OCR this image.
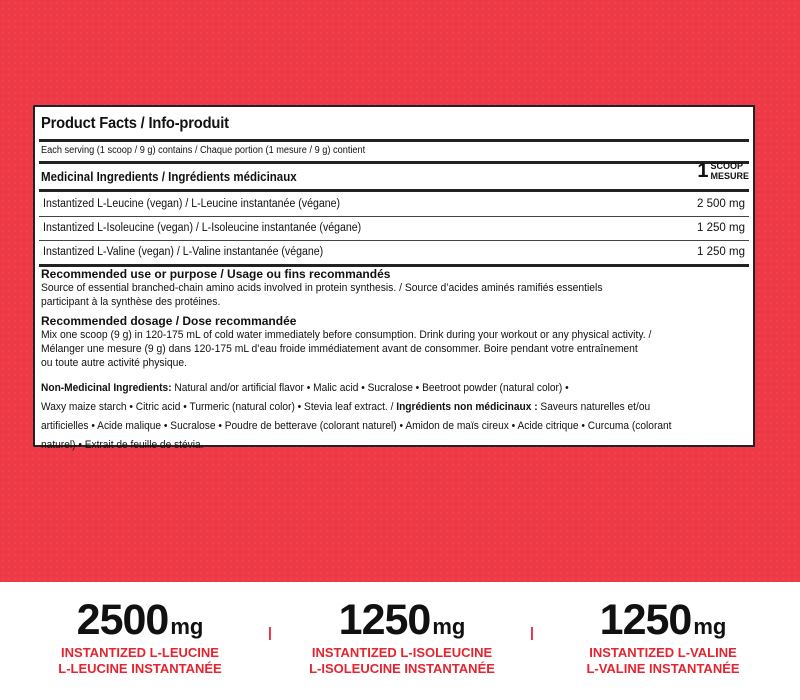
Product Facts / Info-produit
Each serving (1 scoop / 9 g) contains / Chaque portion (1 mesure / 9 g) contient
Medicinal Ingredients / Ingrédients médicinaux	1 SCOOP
MESURE
Instantized L-Leucine (vegan) / L-Leucine instantanée (végane)	2 500 mg
Instantized L-Isoleucine (vegan) / L-Isoleucine instantanée (végane)	1 250 mg
Instantized L-Valine (vegan) / L-Valine instantanée (végane)	1 250 mg
Recommended use or purpose / Usage ou fins recommandés
Source of essential branched-chain amino acids involved in protein synthesis. / Source d’acides aminés ramifiés essentiels
participant à la synthèse des protéines.
Recommended dosage / Dose recommandée
Mix one scoop (9 g) in 120-175 mL of cold water immediately before consumption. Drink during your workout or any physical activity. /
Mélanger une mesure (9 g) dans 120-175 mL d’eau froide immédiatement avant de consommer. Boire pendant votre entraînement
ou toute autre activité physique.
Non-Medicinal Ingredients: Natural and/or artificial flavor • Malic acid • Sucralose • Beetroot powder (natural color) •
Waxy maize starch • Citric acid • Turmeric (natural color) • Stevia leaf extract. / Ingrédients non médicinaux : Saveurs naturelles et/ou
artificielles • Acide malique • Sucralose • Poudre de betterave (colorant naturel) • Amidon de maïs cireux • Acide citrique • Curcuma (colorant
naturel) • Extrait de feuille de stévia.
2500mg
INSTANTIZED L-LEUCINE
L-LEUCINE INSTANTANÉE
|	1250mg
INSTANTIZED L-ISOLEUCINE
L-ISOLEUCINE INSTANTANÉE
|	1250mg
INSTANTIZED L-VALINE
L-VALINE INSTANTANÉE
